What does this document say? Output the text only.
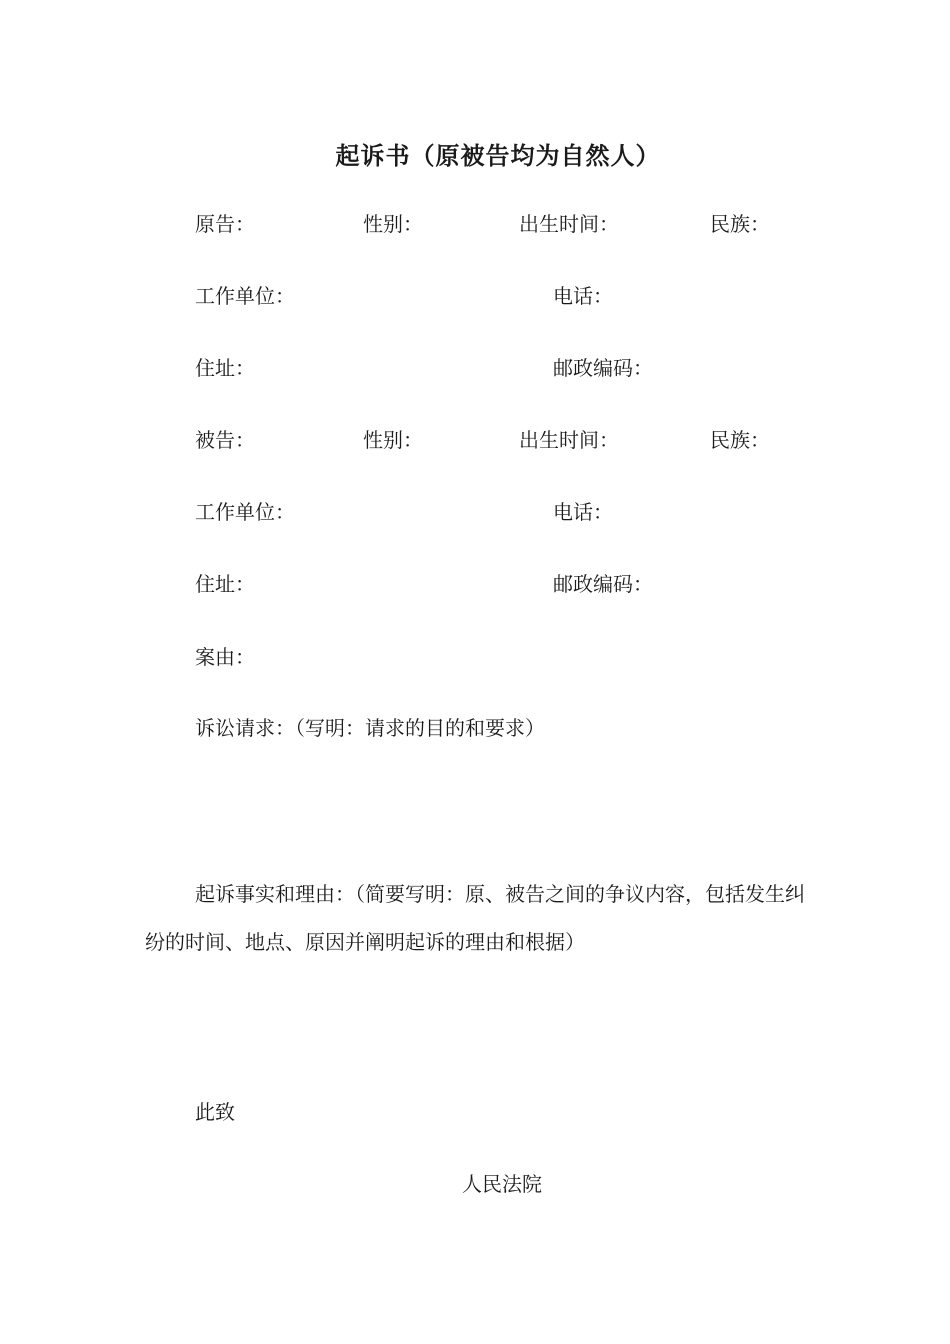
起诉书（原被告均为自然人）
原告：	性别：	出生时间：	民族：
工作单位：	电话：
住址：	邮政编码：
被告：	性别：	出生时间：	民族：
工作单位：	电话：
住址：	邮政编码：
案由：
诉讼请求：（写明：请求的目的和要求）
起诉事实和理由：（简要写明：原、被告之间的争议内容，包括发生纠纷的时间、地点、原因并阐明起诉的理由和根据）
此致
人民法院
